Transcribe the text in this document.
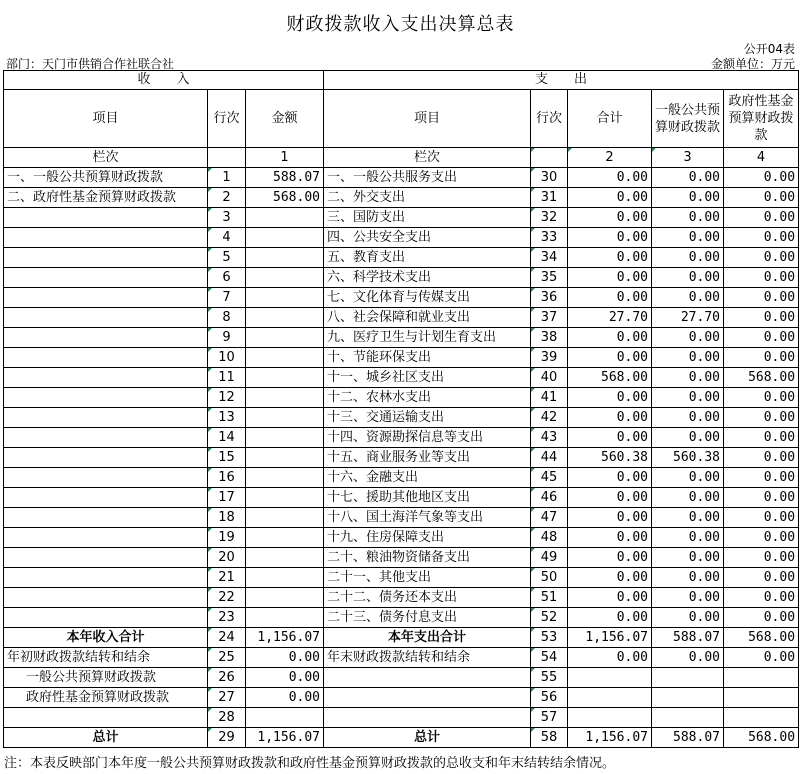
财政拨款收入支出决算总表
公开04表
部门：天门市供销合作社联合社	金额单位：万元
收　　入			支　　出				
项目	行次	金额	项目	行次	合计	一般公共预算财政拨款	政府性基金预算财政拨款
栏次		1	栏次		2	3	4
一、一般公共预算财政拨款	1	588.07	一、一般公共服务支出	30	0.00	0.00	0.00
二、政府性基金预算财政拨款	2	568.00	二、外交支出	31	0.00	0.00	0.00
	3		三、国防支出	32	0.00	0.00	0.00
	4		四、公共安全支出	33	0.00	0.00	0.00
	5		五、教育支出	34	0.00	0.00	0.00
	6		六、科学技术支出	35	0.00	0.00	0.00
	7		七、文化体育与传媒支出	36	0.00	0.00	0.00
	8		八、社会保障和就业支出	37	27.70	27.70	0.00
	9		九、医疗卫生与计划生育支出	38	0.00	0.00	0.00
	10		十、节能环保支出	39	0.00	0.00	0.00
	11		十一、城乡社区支出	40	568.00	0.00	568.00
	12		十二、农林水支出	41	0.00	0.00	0.00
	13		十三、交通运输支出	42	0.00	0.00	0.00
	14		十四、资源勘探信息等支出	43	0.00	0.00	0.00
	15		十五、商业服务业等支出	44	560.38	560.38	0.00
	16		十六、金融支出	45	0.00	0.00	0.00
	17		十七、援助其他地区支出	46	0.00	0.00	0.00
	18		十八、国土海洋气象等支出	47	0.00	0.00	0.00
	19		十九、住房保障支出	48	0.00	0.00	0.00
	20		二十、粮油物资储备支出	49	0.00	0.00	0.00
	21		二十一、其他支出	50	0.00	0.00	0.00
	22		二十二、债务还本支出	51	0.00	0.00	0.00
	23		二十三、债务付息支出	52	0.00	0.00	0.00
本年收入合计	24	1,156.07	本年支出合计	53	1,156.07	588.07	568.00
年初财政拨款结转和结余	25	0.00	年末财政拨款结转和结余	54	0.00	0.00	0.00
一般公共预算财政拨款	26	0.00		55			
政府性基金预算财政拨款	27	0.00		56			
	28			57			
总计	29	1,156.07	总计	58	1,156.07	588.07	568.00
注：本表反映部门本年度一般公共预算财政拨款和政府性基金预算财政拨款的总收支和年末结转结余情况。
